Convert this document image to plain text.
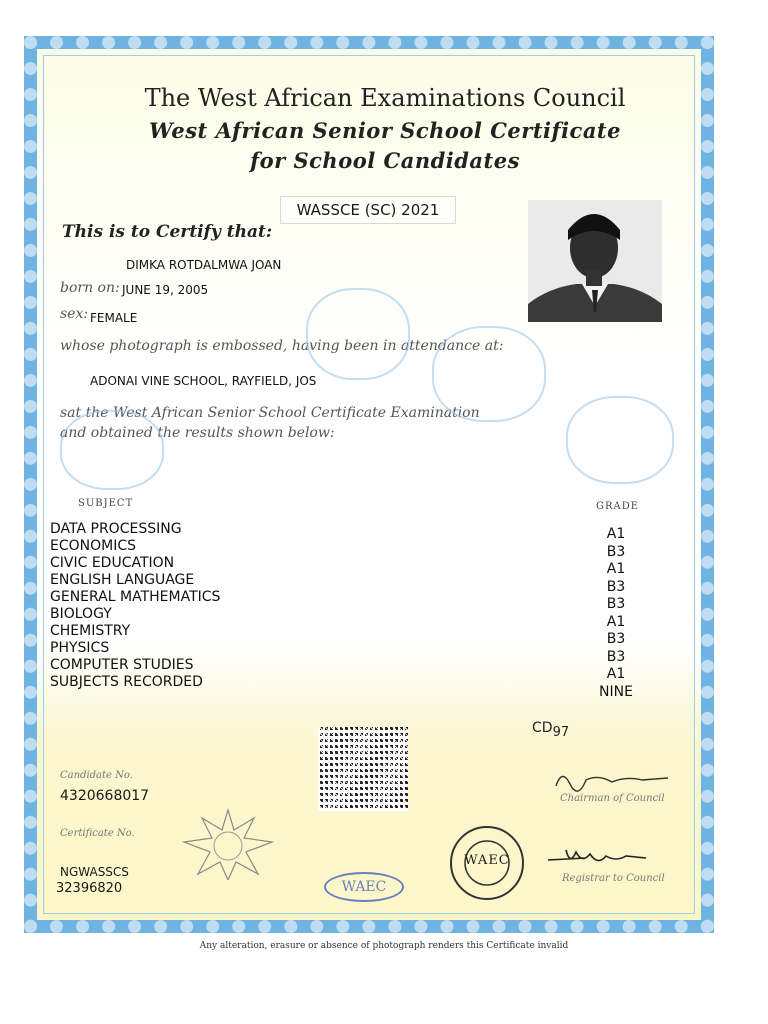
The West African Examinations Council
West African Senior School Certificate
for School Candidates
WASSCE (SC) 2021
This is to Certify that:
DIMKA ROTDALMWA JOAN
born on: JUNE 19, 2005
sex: FEMALE
whose photograph is embossed, having been in attendance at:
ADONAI VINE SCHOOL, RAYFIELD, JOS
sat the West African Senior School Certificate Examination
and obtained the results shown below:
SUBJECT	GRADE
DATA PROCESSING
ECONOMICS
CIVIC EDUCATION
ENGLISH LANGUAGE
GENERAL MATHEMATICS
BIOLOGY
CHEMISTRY
PHYSICS
COMPUTER STUDIES
SUBJECTS RECORDED
A1
B3
A1
B3
B3
A1
B3
B3
A1
NINE
CD97
Candidate No.
4320668017
Certificate No.
NGWASSCS
32396820
WAEC
WAEC
Chairman of Council
Registrar to Council
Any alteration, erasure or absence of photograph renders this Certificate invalid
